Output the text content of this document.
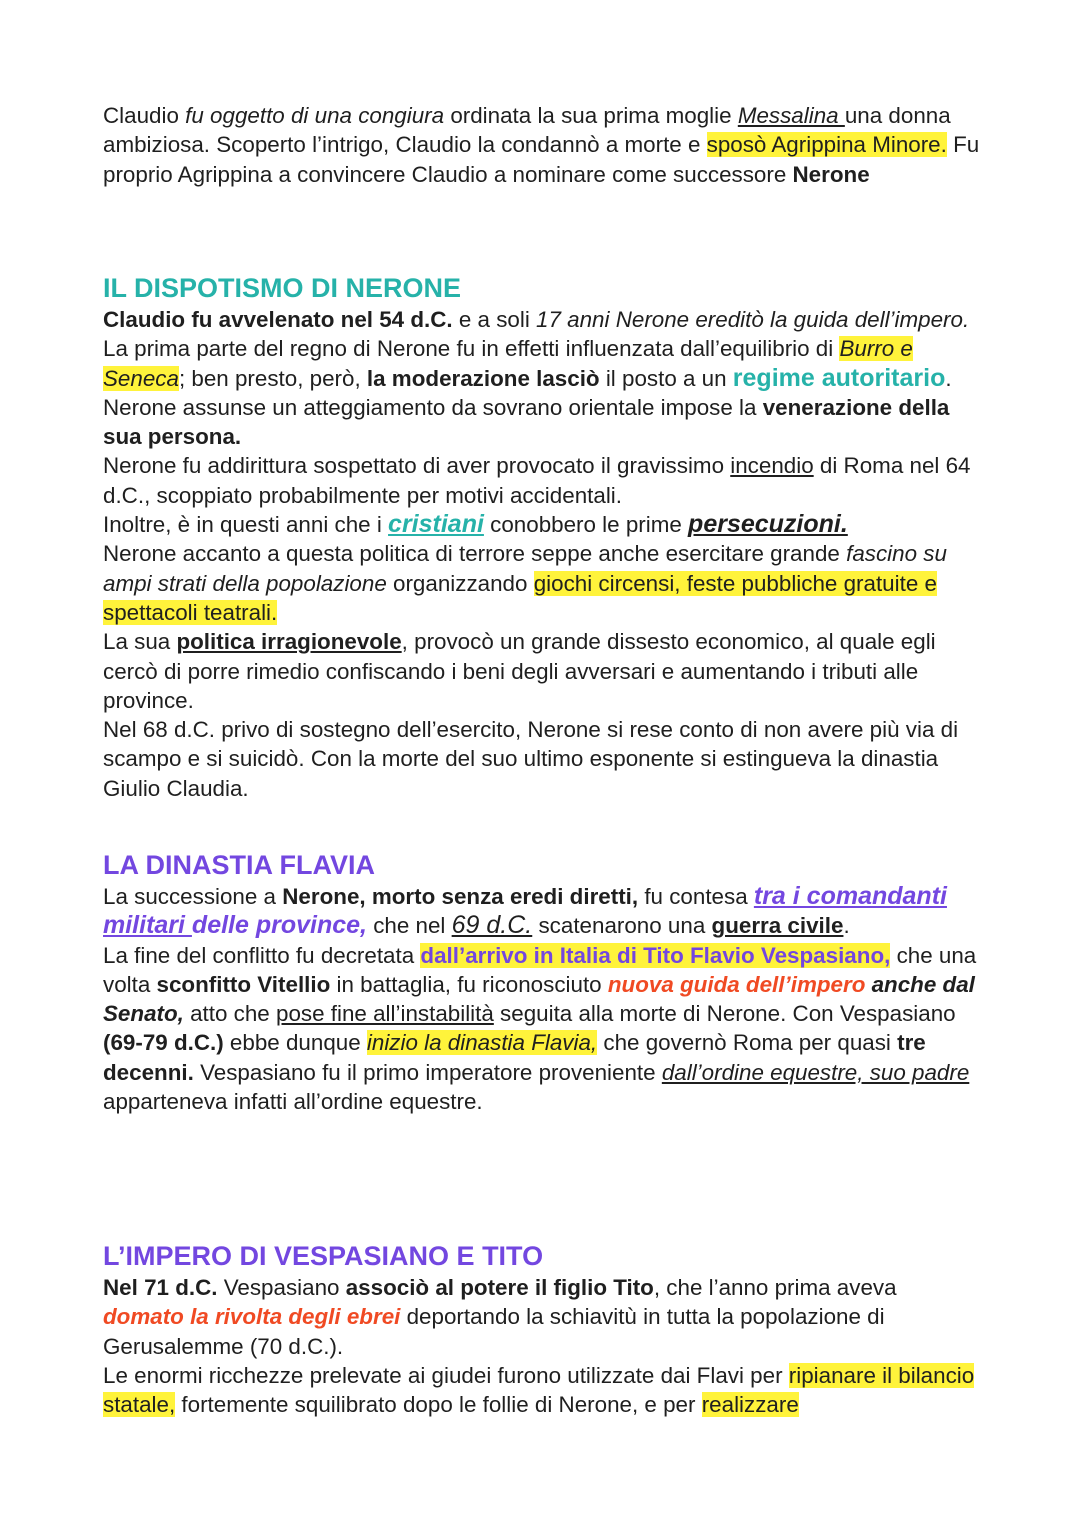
Claudio fu oggetto di una congiura ordinata la sua prima moglie Messalina una donna ambiziosa. Scoperto l’intrigo, Claudio la condannò a morte e sposò Agrippina Minore. Fu proprio Agrippina a convincere Claudio a nominare come successore Nerone

IL DISPOTISMO DI NERONE
Claudio fu avvelenato nel 54 d.C. e a soli 17 anni Nerone ereditò la guida dell’impero. La prima parte del regno di Nerone fu in effetti influenzata dall’equilibrio di Burro e Seneca; ben presto, però, la moderazione lasciò il posto a un regime autoritario. Nerone assunse un atteggiamento da sovrano orientale impose la venerazione della sua persona.
Nerone fu addirittura sospettato di aver provocato il gravissimo incendio di Roma nel 64 d.C., scoppiato probabilmente per motivi accidentali.
Inoltre, è in questi anni che i cristiani conobbero le prime persecuzioni.
Nerone accanto a questa politica di terrore seppe anche esercitare grande fascino su ampi strati della popolazione organizzando giochi circensi, feste pubbliche gratuite e spettacoli teatrali.
La sua politica irragionevole, provocò un grande dissesto economico, al quale egli cercò di porre rimedio confiscando i beni degli avversari e aumentando i tributi alle province.
Nel 68 d.C. privo di sostegno dell’esercito, Nerone si rese conto di non avere più via di scampo e si suicidò. Con la morte del suo ultimo esponente si estingueva la dinastia Giulio Claudia.
LA DINASTIA FLAVIA
La successione a Nerone, morto senza eredi diretti, fu contesa tra i comandanti militari delle province, che nel 69 d.C. scatenarono una guerra civile.
La fine del conflitto fu decretata dall’arrivo in Italia di Tito Flavio Vespasiano, che una volta sconfitto Vitellio in battaglia, fu riconosciuto nuova guida dell’impero anche dal Senato, atto che pose fine all’instabilità seguita alla morte di Nerone. Con Vespasiano (69-79 d.C.) ebbe dunque inizio la dinastia Flavia, che governò Roma per quasi tre decenni. Vespasiano fu il primo imperatore proveniente dall’ordine equestre, suo padre apparteneva infatti all’ordine equestre.
L’IMPERO DI VESPASIANO E TITO
Nel 71 d.C. Vespasiano associò al potere il figlio Tito, che l’anno prima aveva domato la rivolta degli ebrei deportando la schiavitù in tutta la popolazione di Gerusalemme (70 d.C.).
Le enormi ricchezze prelevate ai giudei furono utilizzate dai Flavi per ripianare il bilancio statale, fortemente squilibrato dopo le follie di Nerone, e per realizzare
